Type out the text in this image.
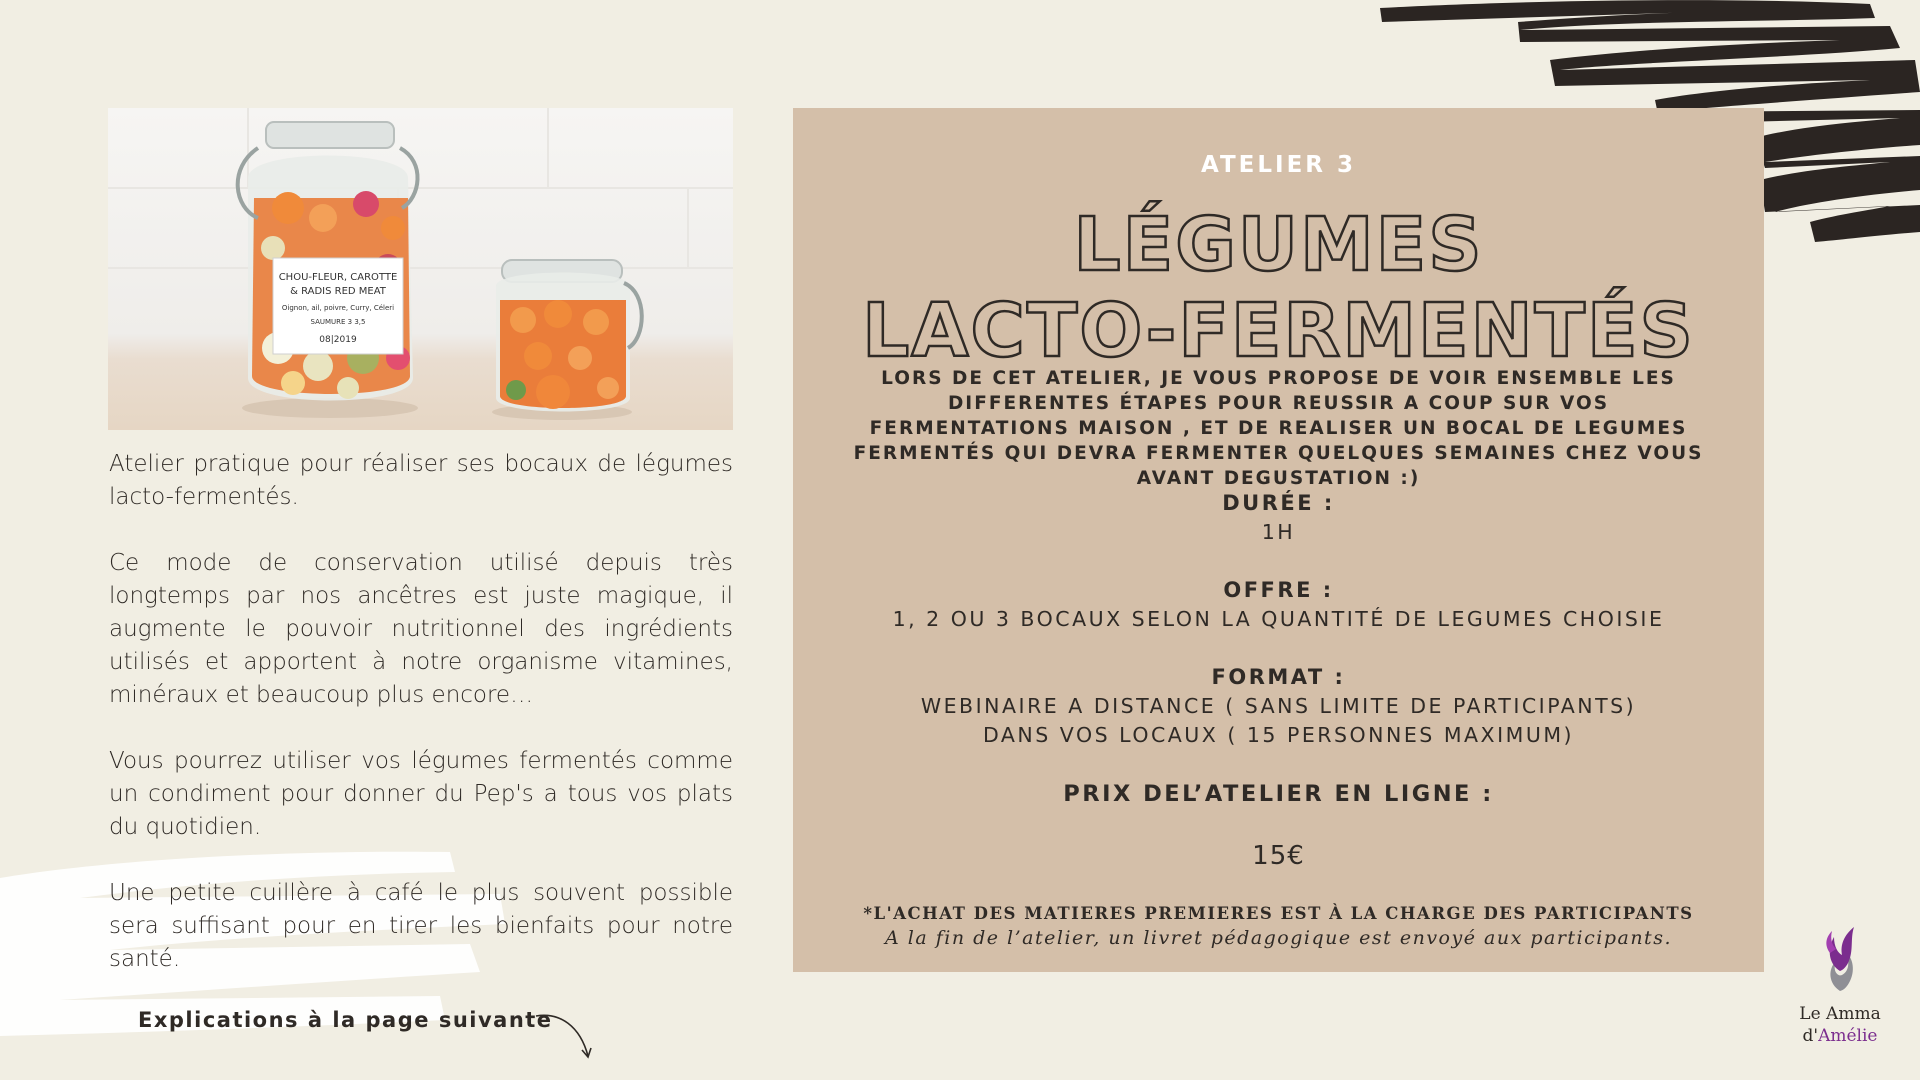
CHOU-FLEUR, CAROTTE
& RADIS RED MEAT
Oignon, ail, poivre, Curry, Céleri
SAUMURE 3 3,5
08|2019

Atelier pratique pour réaliser ses bocaux de légumes lacto-fermentés.

Ce mode de conservation utilisé depuis très longtemps par nos ancêtres est juste magique, il augmente le pouvoir nutritionnel des ingrédients utilisés et apportent à notre organisme vitamines, minéraux et beaucoup plus encore…

Vous pourrez utiliser vos légumes fermentés comme un condiment pour donner du Pep's a tous vos plats du quotidien.

Une petite cuillère à café le plus souvent possible sera suffisant pour en tirer les bienfaits pour notre santé.

Explications à la page suivante
ATELIER 3
LÉGUMES
LACTO-FERMENTÉS
LORS DE CET ATELIER, JE VOUS PROPOSE DE VOIR ENSEMBLE LES DIFFERENTES ÉTAPES POUR REUSSIR A COUP SUR VOS FERMENTATIONS MAISON , ET DE REALISER UN BOCAL DE LEGUMES FERMENTÉS QUI DEVRA FERMENTER QUELQUES SEMAINES CHEZ VOUS AVANT DEGUSTATION :)
DURÉE :
1H
OFFRE :
1, 2 OU 3 BOCAUX SELON LA QUANTITÉ DE LEGUMES CHOISIE
FORMAT :
WEBINAIRE A DISTANCE ( SANS LIMITE DE PARTICIPANTS)
DANS VOS LOCAUX ( 15 PERSONNES MAXIMUM)
PRIX DEL’ATELIER EN LIGNE :
15€
*L'ACHAT DES MATIERES PREMIERES EST À LA CHARGE DES PARTICIPANTS
A la fin de l’atelier, un livret pédagogique est envoyé aux participants.
Le Amma
d'Amélie
